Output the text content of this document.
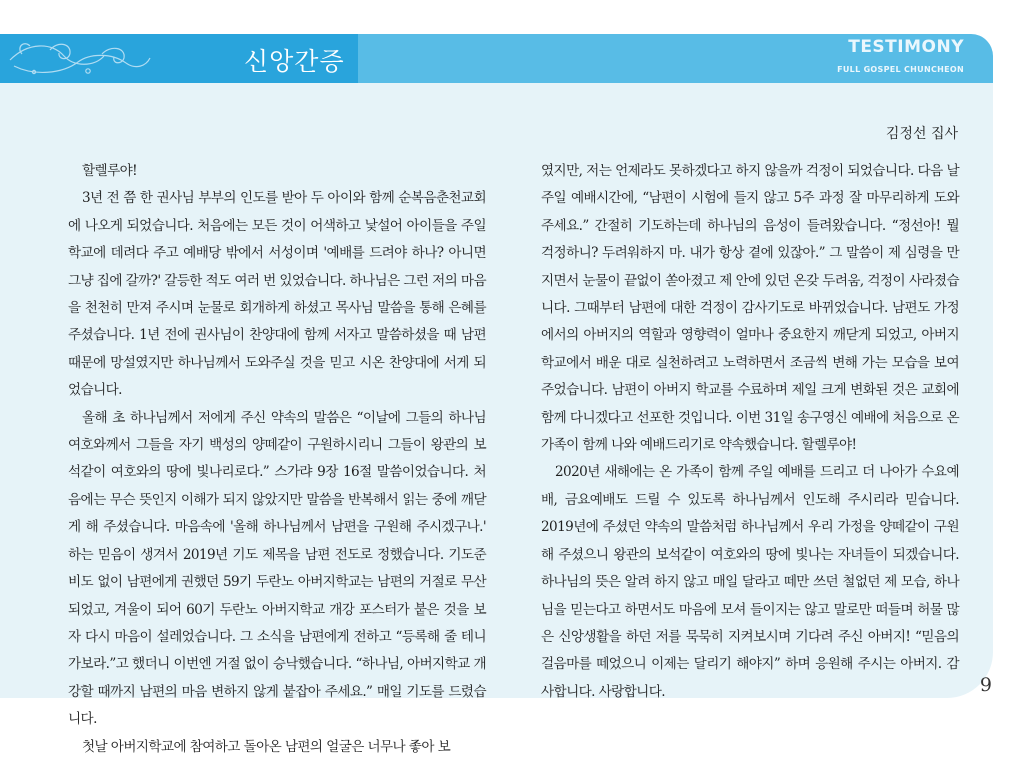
신앙간증	TESTIMONY
FULL GOSPEL CHUNCHEON
김정선 집사

할렐루야!

3년 전 쯤 한 권사님 부부의 인도를 받아 두 아이와 함께 순복음춘천교회에 나오게 되었습니다. 처음에는 모든 것이 어색하고 낯설어 아이들을 주일 학교에 데려다 주고 예배당 밖에서 서성이며 '예배를 드려야 하나? 아니면 그냥 집에 갈까?' 갈등한 적도 여러 번 있었습니다. 하나님은 그런 저의 마음을 천천히 만져 주시며 눈물로 회개하게 하셨고 목사님 말씀을 통해 은혜를 주셨습니다. 1년 전에 권사님이 찬양대에 함께 서자고 말씀하셨을 때 남편 때문에 망설였지만 하나님께서 도와주실 것을 믿고 시온 찬양대에 서게 되었습니다.

올해 초 하나님께서 저에게 주신 약속의 말씀은 “이날에 그들의 하나님 여호와께서 그들을 자기 백성의 양떼같이 구원하시리니 그들이 왕관의 보석같이 여호와의 땅에 빛나리로다.” 스가랴 9장 16절 말씀이었습니다. 처음에는 무슨 뜻인지 이해가 되지 않았지만 말씀을 반복해서 읽는 중에 깨닫게 해 주셨습니다. 마음속에 '올해 하나님께서 남편을 구원해 주시겠구나.' 하는 믿음이 생겨서 2019년 기도 제목을 남편 전도로 정했습니다. 기도준비도 없이 남편에게 권했던 59기 두란노 아버지학교는 남편의 거절로 무산되었고, 겨울이 되어 60기 두란노 아버지학교 개강 포스터가 붙은 것을 보자 다시 마음이 설레었습니다. 그 소식을 남편에게 전하고 “등록해 줄 테니 가보라.”고 했더니 이번엔 거절 없이 승낙했습니다. “하나님, 아버지학교 개강할 때까지 남편의 마음 변하지 않게 붙잡아 주세요.” 매일 기도를 드렸습니다.

첫날 아버지학교에 참여하고 돌아온 남편의 얼굴은 너무나 좋아 보

였지만, 저는 언제라도 못하겠다고 하지 않을까 걱정이 되었습니다. 다음 날 주일 예배시간에, “남편이 시험에 들지 않고 5주 과정 잘 마무리하게 도와주세요.” 간절히 기도하는데 하나님의 음성이 들려왔습니다. “정선아! 뭘 걱정하니? 두려워하지 마. 내가 항상 곁에 있잖아.” 그 말씀이 제 심령을 만지면서 눈물이 끝없이 쏟아졌고 제 안에 있던 온갖 두려움, 걱정이 사라졌습니다. 그때부터 남편에 대한 걱정이 감사기도로 바뀌었습니다. 남편도 가정에서의 아버지의 역할과 영향력이 얼마나 중요한지 깨닫게 되었고, 아버지학교에서 배운 대로 실천하려고 노력하면서 조금씩 변해 가는 모습을 보여주었습니다. 남편이 아버지 학교를 수료하며 제일 크게 변화된 것은 교회에 함께 다니겠다고 선포한 것입니다. 이번 31일 송구영신 예배에 처음으로 온 가족이 함께 나와 예배드리기로 약속했습니다. 할렐루야!

2020년 새해에는 온 가족이 함께 주일 예배를 드리고 더 나아가 수요예배, 금요예배도 드릴 수 있도록 하나님께서 인도해 주시리라 믿습니다. 2019년에 주셨던 약속의 말씀처럼 하나님께서 우리 가정을 양떼같이 구원해 주셨으니 왕관의 보석같이 여호와의 땅에 빛나는 자녀들이 되겠습니다. 하나님의 뜻은 알려 하지 않고 매일 달라고 떼만 쓰던 철없던 제 모습, 하나님을 믿는다고 하면서도 마음에 모셔 들이지는 않고 말로만 떠들며 허물 많은 신앙생활을 하던 저를 묵묵히 지켜보시며 기다려 주신 아버지! “믿음의 걸음마를 떼었으니 이제는 달리기 해야지” 하며 응원해 주시는 아버지. 감사합니다. 사랑합니다.	9
